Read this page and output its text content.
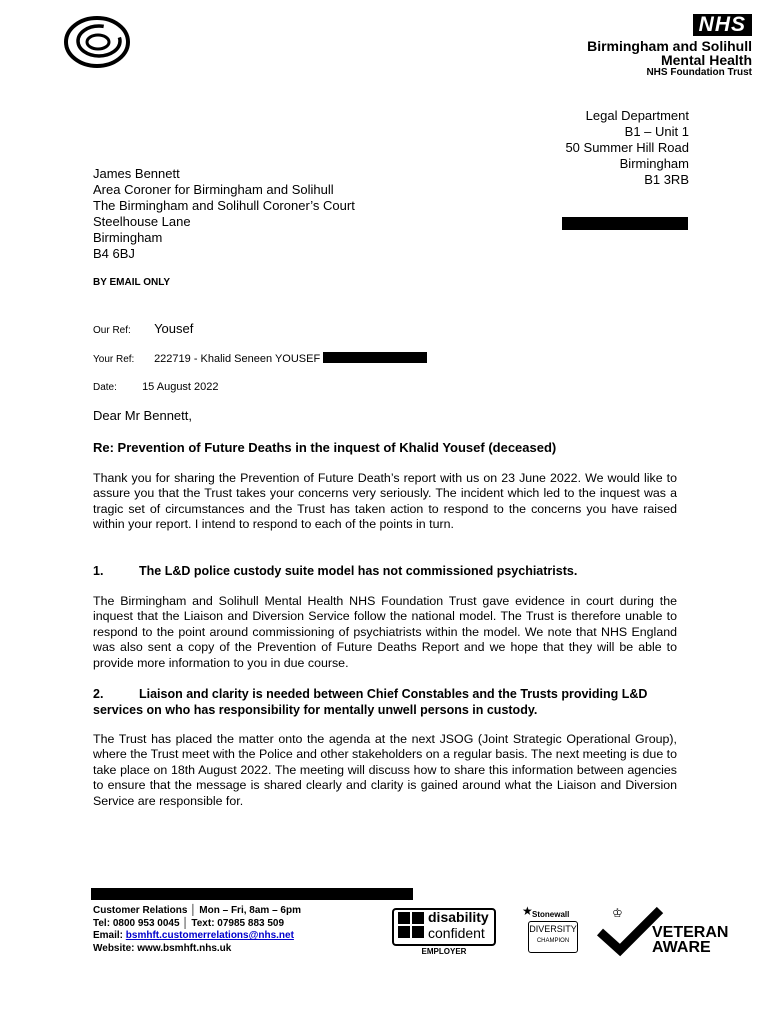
NHS
Birmingham and Solihull
Mental Health
NHS Foundation Trust
Legal Department
B1 – Unit 1
50 Summer Hill Road
Birmingham
B1 3RB
James Bennett
Area Coroner for Birmingham and Solihull
The Birmingham and Solihull Coroner’s Court
Steelhouse Lane
Birmingham
B4 6BJ
BY EMAIL ONLY
Our Ref: Yousef
Your Ref: 222719 - Khalid Seneen YOUSEF
Date: 15 August 2022
Dear Mr Bennett,
Re: Prevention of Future Deaths in the inquest of Khalid Yousef (deceased)
Thank you for sharing the Prevention of Future Death’s report with us on 23 June 2022. We would like to assure you that the Trust takes your concerns very seriously. The incident which led to the inquest was a tragic set of circumstances and the Trust has taken action to respond to the concerns you have raised within your report. I intend to respond to each of the points in turn.
1.	The L&D police custody suite model has not commissioned psychiatrists.
The Birmingham and Solihull Mental Health NHS Foundation Trust gave evidence in court during the inquest that the Liaison and Diversion Service follow the national model. The Trust is therefore unable to respond to the point around commissioning of psychiatrists within the model. We note that NHS England was also sent a copy of the Prevention of Future Deaths Report and we hope that they will be able to provide more information to you in due course.
2.	Liaison and clarity is needed between Chief Constables and the Trusts providing L&D services on who has responsibility for mentally unwell persons in custody.
The Trust has placed the matter onto the agenda at the next JSOG (Joint Strategic Operational Group), where the Trust meet with the Police and other stakeholders on a regular basis. The next meeting is due to take place on 18th August 2022. The meeting will discuss how to share this information between agencies to ensure that the message is shared clearly and clarity is gained around what the Liaison and Diversion Service are responsible for.
Customer Relations │ Mon – Fri, 8am – 6pm
Tel: 0800 953 0045 │ Text: 07985 883 509
Email: bsmhft.customerrelations@nhs.net
Website: www.bsmhft.nhs.uk
disability
confident
EMPLOYER
★ Stonewall
DIVERSITY
CHAMPION
♔
VETERAN
AWARE
